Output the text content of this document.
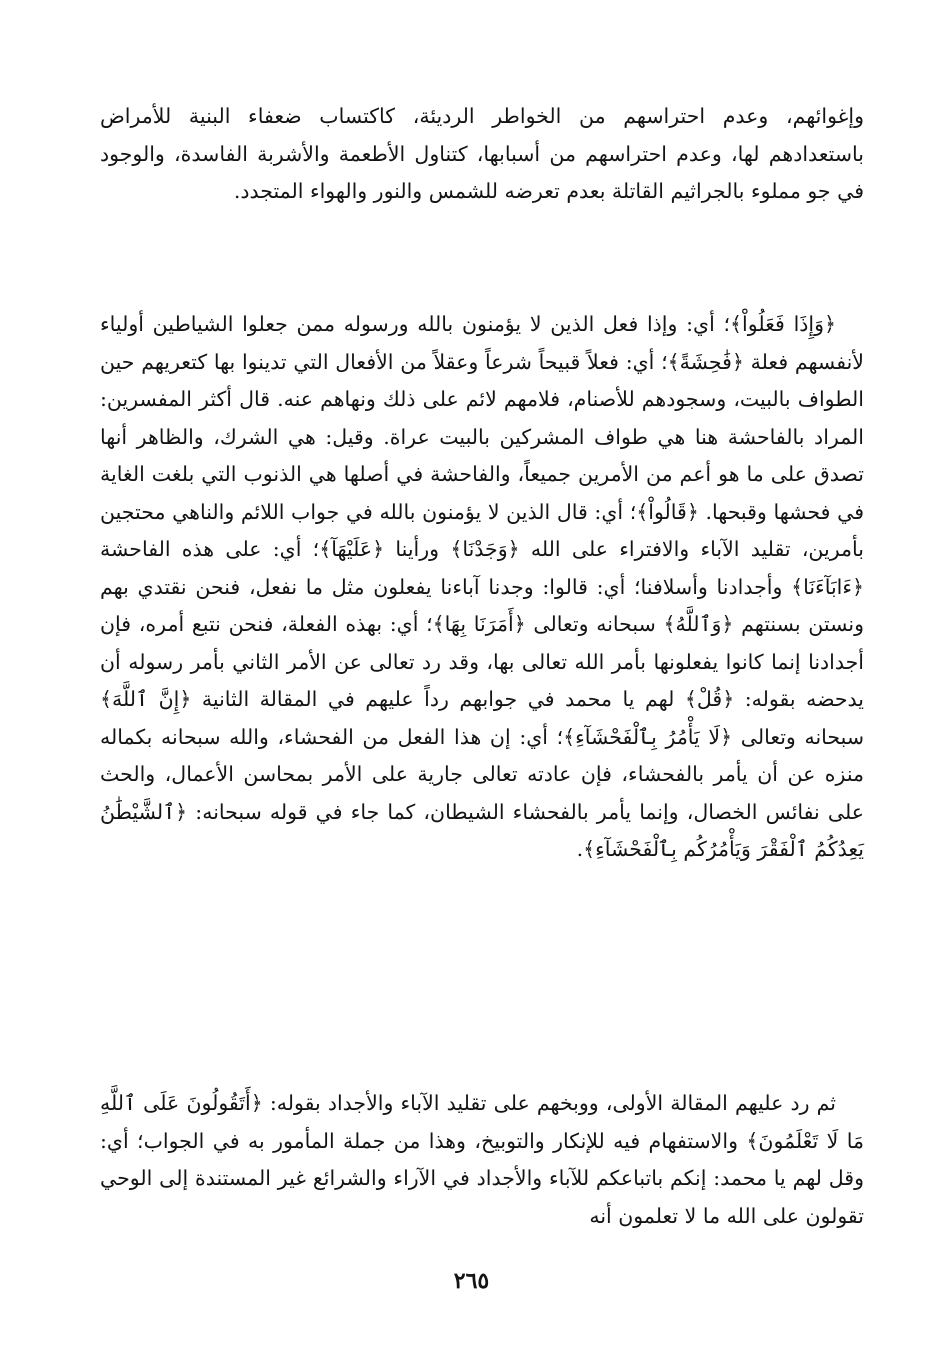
وإغوائهم، وعدم احتراسهم من الخواطر الرديئة، كاكتساب ضعفاء البنية للأمراض باستعدادهم لها، وعدم احتراسهم من أسبابها، كتناول الأطعمة والأشربة الفاسدة، والوجود في جو مملوء بالجراثيم القاتلة بعدم تعرضه للشمس والنور والهواء المتجدد.

﴿وَإِذَا فَعَلُواْ﴾؛ أي: وإذا فعل الذين لا يؤمنون بالله ورسوله ممن جعلوا الشياطين أولياء لأنفسهم فعلة ﴿فَٰحِشَةً﴾؛ أي: فعلاً قبيحاً شرعاً وعقلاً من الأفعال التي تدينوا بها كتعريهم حين الطواف بالبيت، وسجودهم للأصنام، فلامهم لائم على ذلك ونهاهم عنه. قال أكثر المفسرين: المراد بالفاحشة هنا هي طواف المشركين بالبيت عراة. وقيل: هي الشرك، والظاهر أنها تصدق على ما هو أعم من الأمرين جميعاً، والفاحشة في أصلها هي الذنوب التي بلغت الغاية في فحشها وقبحها. ﴿قَالُواْ﴾؛ أي: قال الذين لا يؤمنون بالله في جواب اللائم والناهي محتجين بأمرين، تقليد الآباء والافتراء على الله ﴿وَجَدْنَا﴾ ورأينا ﴿عَلَيْهَآ﴾؛ أي: على هذه الفاحشة ﴿ءَابَآءَنَا﴾ وأجدادنا وأسلافنا؛ أي: قالوا: وجدنا آباءنا يفعلون مثل ما نفعل، فنحن نقتدي بهم ونستن بسنتهم ﴿وَٱللَّهُ﴾ سبحانه وتعالى ﴿أَمَرَنَا بِهَا﴾؛ أي: بهذه الفعلة، فنحن نتبع أمره، فإن أجدادنا إنما كانوا يفعلونها بأمر الله تعالى بها، وقد رد تعالى عن الأمر الثاني بأمر رسوله أن يدحضه بقوله: ﴿قُلْ﴾ لهم يا محمد في جوابهم رداً عليهم في المقالة الثانية ﴿إِنَّ ٱللَّهَ﴾ سبحانه وتعالى ﴿لَا يَأْمُرُ بِٱلْفَحْشَآءِ﴾؛ أي: إن هذا الفعل من الفحشاء، والله سبحانه بكماله منزه عن أن يأمر بالفحشاء، فإن عادته تعالى جارية على الأمر بمحاسن الأعمال، والحث على نفائس الخصال، وإنما يأمر بالفحشاء الشيطان، كما جاء في قوله سبحانه: ﴿ٱلشَّيْطَٰنُ يَعِدُكُمُ ٱلْفَقْرَ وَيَأْمُرُكُم بِٱلْفَحْشَآءِ﴾.

ثم رد عليهم المقالة الأولى، ووبخهم على تقليد الآباء والأجداد بقوله: ﴿أَتَقُولُونَ عَلَى ٱللَّهِ مَا لَا تَعْلَمُونَ﴾ والاستفهام فيه للإنكار والتوبيخ، وهذا من جملة المأمور به في الجواب؛ أي: وقل لهم يا محمد: إنكم باتباعكم للآباء والأجداد في الآراء والشرائع غير المستندة إلى الوحي تقولون على الله ما لا تعلمون أنه

٢٦٥
